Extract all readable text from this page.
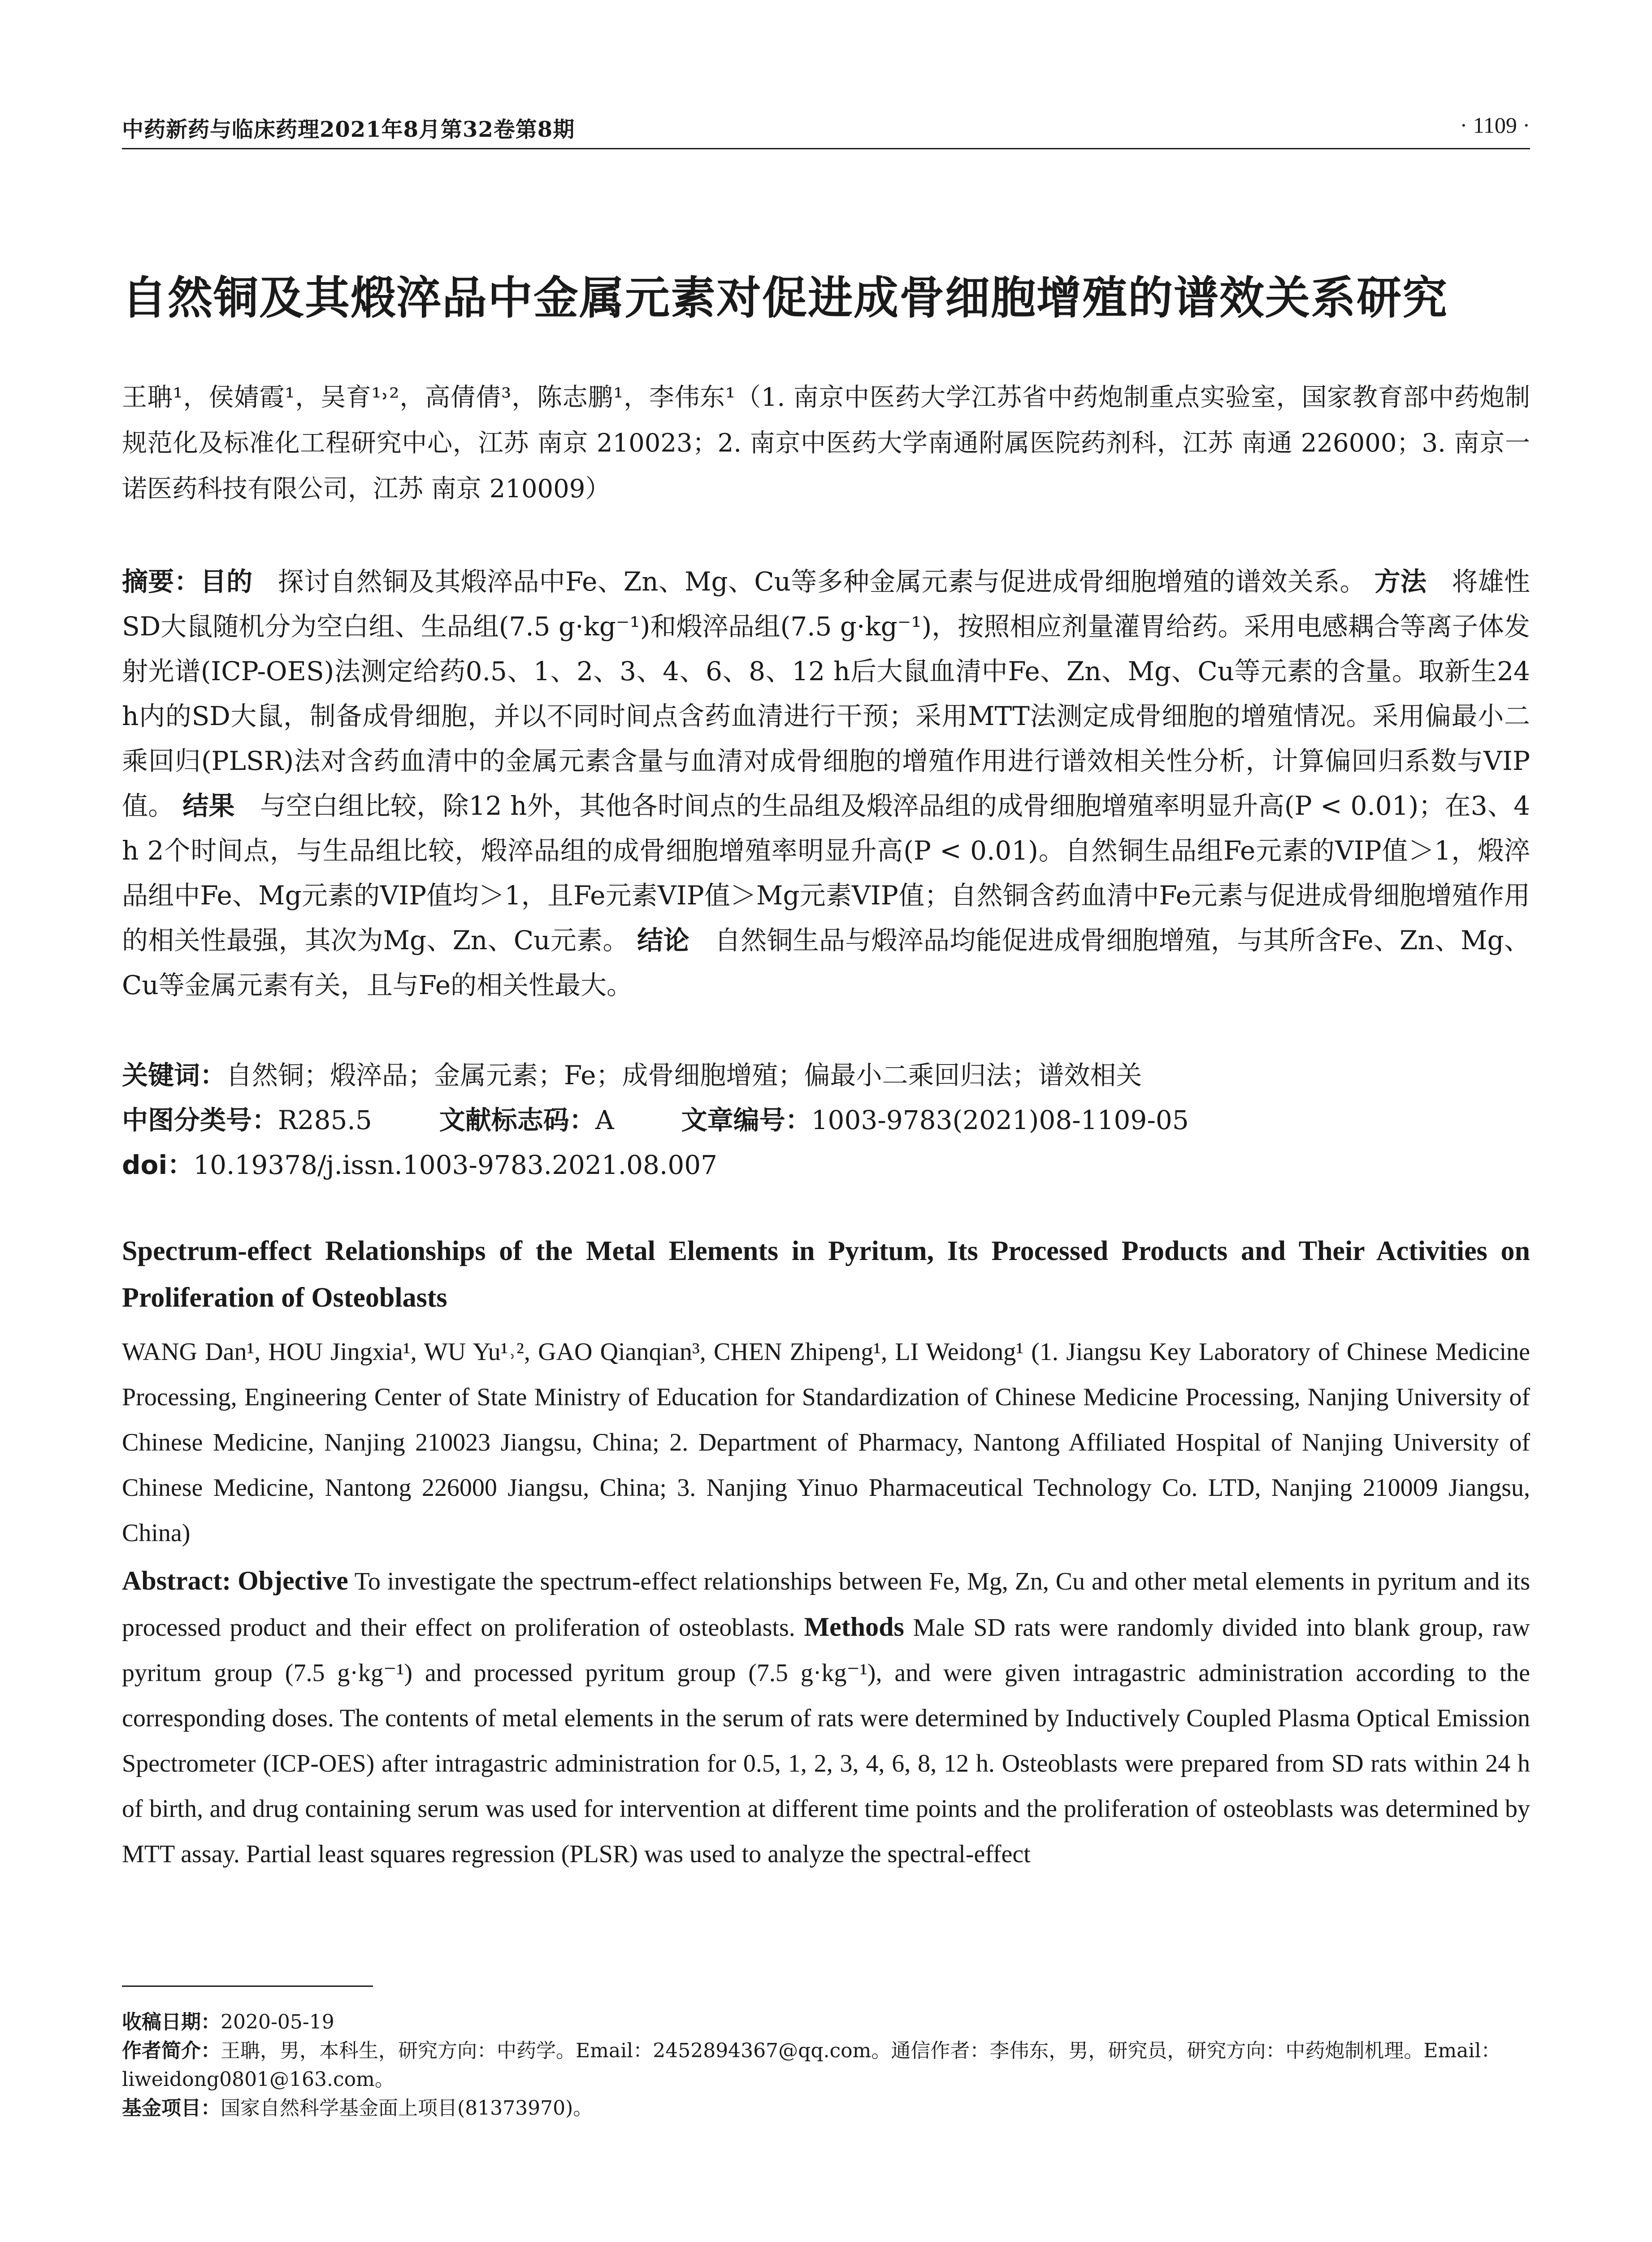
中药新药与临床药理2021年8月第32卷第8期	· 1109 ·
自然铜及其煅淬品中金属元素对促进成骨细胞增殖的谱效关系研究
王聃¹，侯婧霞¹，吴育¹˒²，高倩倩³，陈志鹏¹，李伟东¹（1. 南京中医药大学江苏省中药炮制重点实验室，国家教育部中药炮制规范化及标准化工程研究中心，江苏 南京 210023；2. 南京中医药大学南通附属医院药剂科，江苏 南通 226000；3. 南京一诺医药科技有限公司，江苏 南京 210009）
摘要：目的 探讨自然铜及其煅淬品中Fe、Zn、Mg、Cu等多种金属元素与促进成骨细胞增殖的谱效关系。 方法 将雄性SD大鼠随机分为空白组、生品组(7.5 g·kg⁻¹)和煅淬品组(7.5 g·kg⁻¹)，按照相应剂量灌胃给药。采用电感耦合等离子体发射光谱(ICP-OES)法测定给药0.5、1、2、3、4、6、8、12 h后大鼠血清中Fe、Zn、Mg、Cu等元素的含量。取新生24 h内的SD大鼠，制备成骨细胞，并以不同时间点含药血清进行干预；采用MTT法测定成骨细胞的增殖情况。采用偏最小二乘回归(PLSR)法对含药血清中的金属元素含量与血清对成骨细胞的增殖作用进行谱效相关性分析，计算偏回归系数与VIP值。 结果 与空白组比较，除12 h外，其他各时间点的生品组及煅淬品组的成骨细胞增殖率明显升高(P < 0.01)；在3、4 h 2个时间点，与生品组比较，煅淬品组的成骨细胞增殖率明显升高(P < 0.01)。自然铜生品组Fe元素的VIP值＞1，煅淬品组中Fe、Mg元素的VIP值均＞1，且Fe元素VIP值＞Mg元素VIP值；自然铜含药血清中Fe元素与促进成骨细胞增殖作用的相关性最强，其次为Mg、Zn、Cu元素。 结论 自然铜生品与煅淬品均能促进成骨细胞增殖，与其所含Fe、Zn、Mg、Cu等金属元素有关，且与Fe的相关性最大。
关键词：自然铜；煅淬品；金属元素；Fe；成骨细胞增殖；偏最小二乘回归法；谱效相关
中图分类号：R285.5	文献标志码：A	文章编号：1003-9783(2021)08-1109-05
doi：10.19378/j.issn.1003-9783.2021.08.007
Spectrum-effect Relationships of the Metal Elements in Pyritum, Its Processed Products and Their Activities on Proliferation of Osteoblasts
WANG Dan¹, HOU Jingxia¹, WU Yu¹˒², GAO Qianqian³, CHEN Zhipeng¹, LI Weidong¹ (1. Jiangsu Key Laboratory of Chinese Medicine Processing, Engineering Center of State Ministry of Education for Standardization of Chinese Medicine Processing, Nanjing University of Chinese Medicine, Nanjing 210023 Jiangsu, China; 2. Department of Pharmacy, Nantong Affiliated Hospital of Nanjing University of Chinese Medicine, Nantong 226000 Jiangsu, China; 3. Nanjing Yinuo Pharmaceutical Technology Co. LTD, Nanjing 210009 Jiangsu, China)
Abstract: Objective To investigate the spectrum-effect relationships between Fe, Mg, Zn, Cu and other metal elements in pyritum and its processed product and their effect on proliferation of osteoblasts. Methods Male SD rats were randomly divided into blank group, raw pyritum group (7.5 g·kg⁻¹) and processed pyritum group (7.5 g·kg⁻¹), and were given intragastric administration according to the corresponding doses. The contents of metal elements in the serum of rats were determined by Inductively Coupled Plasma Optical Emission Spectrometer (ICP-OES) after intragastric administration for 0.5, 1, 2, 3, 4, 6, 8, 12 h. Osteoblasts were prepared from SD rats within 24 h of birth, and drug containing serum was used for intervention at different time points and the proliferation of osteoblasts was determined by MTT assay. Partial least squares regression (PLSR) was used to analyze the spectral-effect

收稿日期：2020-05-19

作者简介：王聃，男，本科生，研究方向：中药学。Email：2452894367@qq.com。通信作者：李伟东，男，研究员，研究方向：中药炮制机理。Email：liweidong0801@163.com。

基金项目：国家自然科学基金面上项目(81373970)。
